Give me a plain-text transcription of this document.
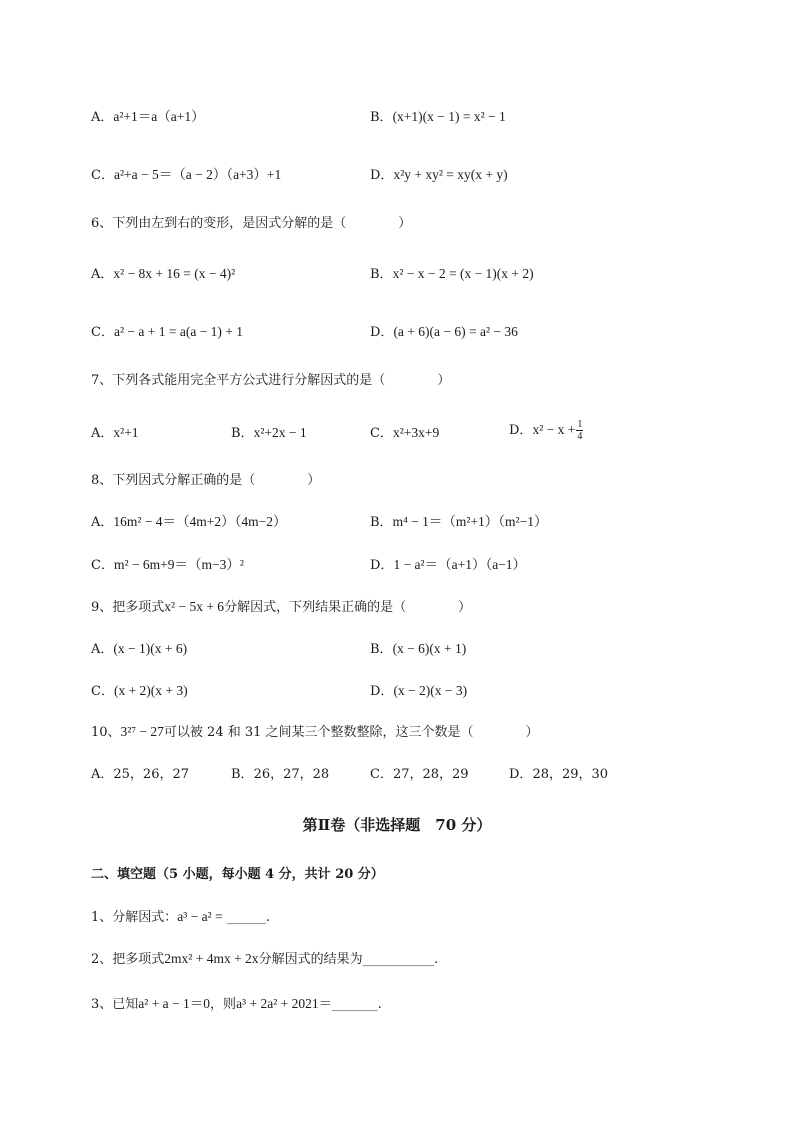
A．a²+1＝a（a+1）	B．(x+1)(x − 1) = x² − 1
C．a²+a − 5＝（a − 2）（a+3）+1	D．x²y + xy² = xy(x + y)
6、下列由左到右的变形，是因式分解的是（　　　　）
A．x² − 8x + 16 = (x − 4)²	B．x² − x − 2 = (x − 1)(x + 2)
C．a² − a + 1 = a(a − 1) + 1	D．(a + 6)(a − 6) = a² − 36
7、下列各式能用完全平方公式进行分解因式的是（　　　　）
A．x²+1	B．x²+2x − 1	C．x²+3x+9	D．$x^2 - x + \frac{1}{4}$
8、下列因式分解正确的是（　　　　）
A．16m² − 4＝（4m+2）（4m−2）	B．m⁴ − 1＝（m²+1）（m²−1）
C．m² − 6m+9＝（m−3）²	D．1 − a²＝（a+1）（a−1）
9、把多项式x² − 5x + 6分解因式，下列结果正确的是（　　　　）
A．(x − 1)(x + 6)	B．(x − 6)(x + 1)
C．(x + 2)(x + 3)	D．(x − 2)(x − 3)
10、3²⁷ − 27可以被 24 和 31 之间某三个整数整除，这三个数是（　　　　）
A．25，26，27	B．26，27，28	C．27，28，29	D．28，29，30
第Ⅱ卷（非选择题　70 分）
二、填空题（5 小题，每小题 4 分，共计 20 分）
1、分解因式：a³ − a² = ______.
2、把多项式2mx² + 4mx + 2x分解因式的结果为___________.
3、已知a² + a − 1＝0，则a³ + 2a² + 2021＝_______.
